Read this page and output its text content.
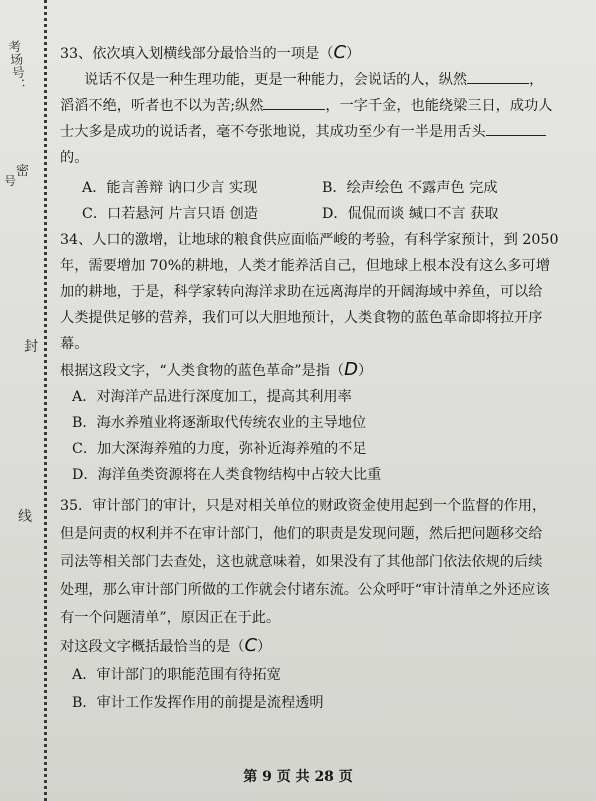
考场号：
密
封
线
号
33、依次填入划横线部分最恰当的一项是（C）
说话不仅是一种生理功能，更是一种能力，会说话的人，纵然	，
滔滔不绝，听者也不以为苦;纵然	，一字千金，也能绕梁三日，成功人
士大多是成功的说话者，毫不夸张地说，其成功至少有一半是用舌头
的。
A．能言善辩 讷口少言 实现	B．绘声绘色 不露声色 完成
C．口若悬河 片言只语 创造	D．侃侃而谈 缄口不言 获取
34、人口的激增，让地球的粮食供应面临严峻的考验，有科学家预计，到 2050
年，需要增加 70%的耕地，人类才能养活自己，但地球上根本没有这么多可增
加的耕地，于是，科学家转向海洋求助在远离海岸的开阔海域中养鱼，可以给
人类提供足够的营养，我们可以大胆地预计，人类食物的蓝色革命即将拉开序
幕。
根据这段文字，“人类食物的蓝色革命”是指（D）
A．对海洋产品进行深度加工，提高其利用率
B．海水养殖业将逐渐取代传统农业的主导地位
C．加大深海养殖的力度，弥补近海养殖的不足
D．海洋鱼类资源将在人类食物结构中占较大比重
35．审计部门的审计，只是对相关单位的财政资金使用起到一个监督的作用，
但是问责的权利并不在审计部门，他们的职责是发现问题，然后把问题移交给
司法等相关部门去查处，这也就意味着，如果没有了其他部门依法依规的后续
处理，那么审计部门所做的工作就会付诸东流。公众呼吁“审计清单之外还应该
有一个问题清单”，原因正在于此。
对这段文字概括最恰当的是（C）
A．审计部门的职能范围有待拓宽
B．审计工作发挥作用的前提是流程透明
第 9 页 共 28 页
